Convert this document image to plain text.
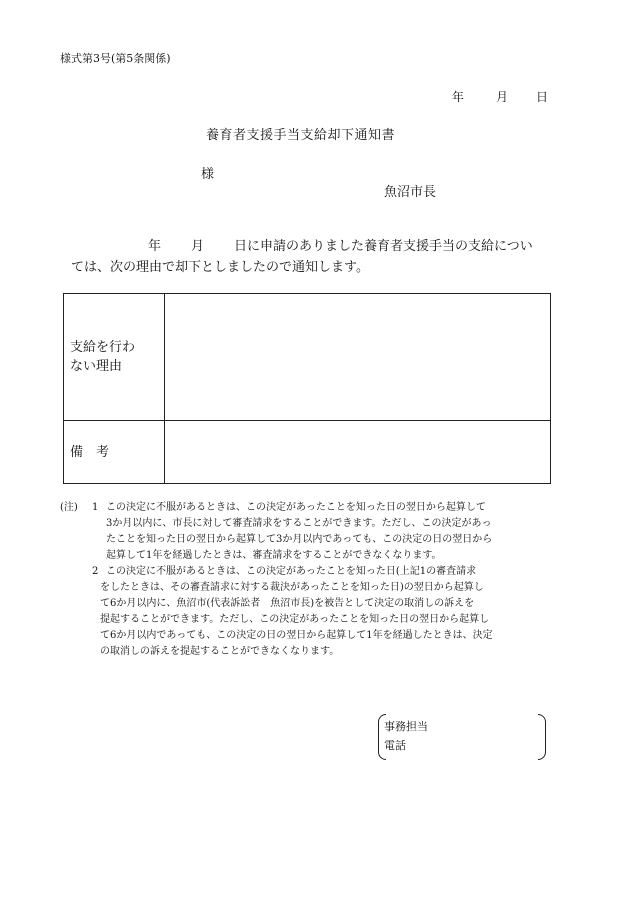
様式第3号(第5条関係)
年	月 日
養育者支援手当支給却下通知書
様
魚沼市長
年 月 日に申請のありました養育者支援手当の支給につい
ては、次の理由で却下としましたので通知します。
支給を行わ
ない理由	
備　考	
(注)	1 この決定に不服があるときは、この決定があったことを知った日の翌日から起算して
3か月以内に、市長に対して審査請求をすることができます。ただし、この決定があっ
たことを知った日の翌日から起算して3か月以内であっても、この決定の日の翌日から
起算して1年を経過したときは、審査請求をすることができなくなります。
2 この決定に不服があるときは、この決定があったことを知った日(上記1の審査請求
をしたときは、その審査請求に対する裁決があったことを知った日)の翌日から起算し
て6か月以内に、魚沼市(代表訴訟者　魚沼市長)を被告として決定の取消しの訴えを
提起することができます。ただし、この決定があったことを知った日の翌日から起算し
て6か月以内であっても、この決定の日の翌日から起算して1年を経過したときは、決定
の取消しの訴えを提起することができなくなります。
事務担当
電話
